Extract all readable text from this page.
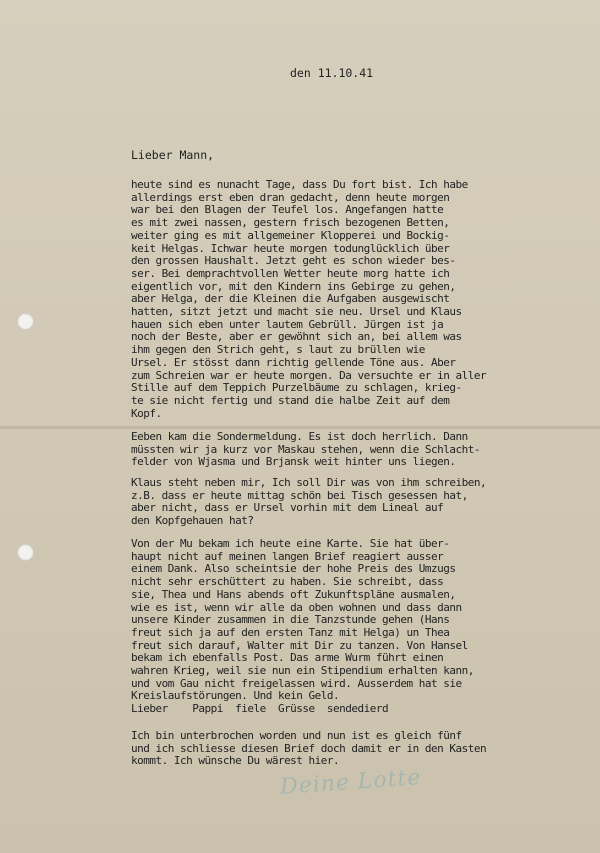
den 11.10.41
Lieber Mann,
heute sind es nunacht Tage, dass Du fort bist. Ich habe
allerdings erst eben dran gedacht, denn heute morgen
war bei den Blagen der Teufel los. Angefangen hatte
es mit zwei nassen, gestern frisch bezogenen Betten,
weiter ging es mit allgemeiner Klopperei und Bockig-
keit Helgas. Ichwar heute morgen todunglücklich über
den grossen Haushalt. Jetzt geht es schon wieder bes-
ser. Bei demprachtvollen Wetter heute morg hatte ich
eigentlich vor, mit den Kindern ins Gebirge zu gehen,
aber Helga, der die Kleinen die Aufgaben ausgewischt
hatten, sitzt jetzt und macht sie neu. Ursel und Klaus
hauen sich eben unter lautem Gebrüll. Jürgen ist ja
noch der Beste, aber er gewöhnt sich an, bei allem was
ihm gegen den Strich geht, s laut zu brüllen wie
Ursel. Er stösst dann richtig gellende Töne aus. Aber
zum Schreien war er heute morgen. Da versuchte er in aller
Stille auf dem Teppich Purzelbäume zu schlagen, krieg-
te sie nicht fertig und stand die halbe Zeit auf dem
Kopf.
Eeben kam die Sondermeldung. Es ist doch herrlich. Dann
müssten wir ja kurz vor Maskau stehen, wenn die Schlacht-
felder von Wjasma und Brjansk weit hinter uns liegen.
Klaus steht neben mir, Ich soll Dir was von ihm schreiben,
z.B. dass er heute mittag schön bei Tisch gesessen hat,
aber nicht, dass er Ursel vorhin mit dem Lineal auf
den Kopfgehauen hat?
Von der Mu bekam ich heute eine Karte. Sie hat über-
haupt nicht auf meinen langen Brief reagiert ausser
einem Dank. Also scheintsie der hohe Preis des Umzugs
nicht sehr erschüttert zu haben. Sie schreibt, dass
sie, Thea und Hans abends oft Zukunftspläne ausmalen,
wie es ist, wenn wir alle da oben wohnen und dass dann
unsere Kinder zusammen in die Tanzstunde gehen (Hans
freut sich ja auf den ersten Tanz mit Helga) un Thea
freut sich darauf, Walter mit Dir zu tanzen. Von Hansel
bekam ich ebenfalls Post. Das arme Wurm führt einen
wahren Krieg, weil sie nun ein Stipendium erhalten kann,
und vom Gau nicht freigelassen wird. Ausserdem hat sie
Kreislaufstörungen. Und kein Geld.
Lieber    Pappi  fiele  Grüsse  sendedierd
Ich bin unterbrochen worden und nun ist es gleich fünf
und ich schliesse diesen Brief doch damit er in den Kasten
kommt. Ich wünsche Du wärest hier.
Deine Lotte
